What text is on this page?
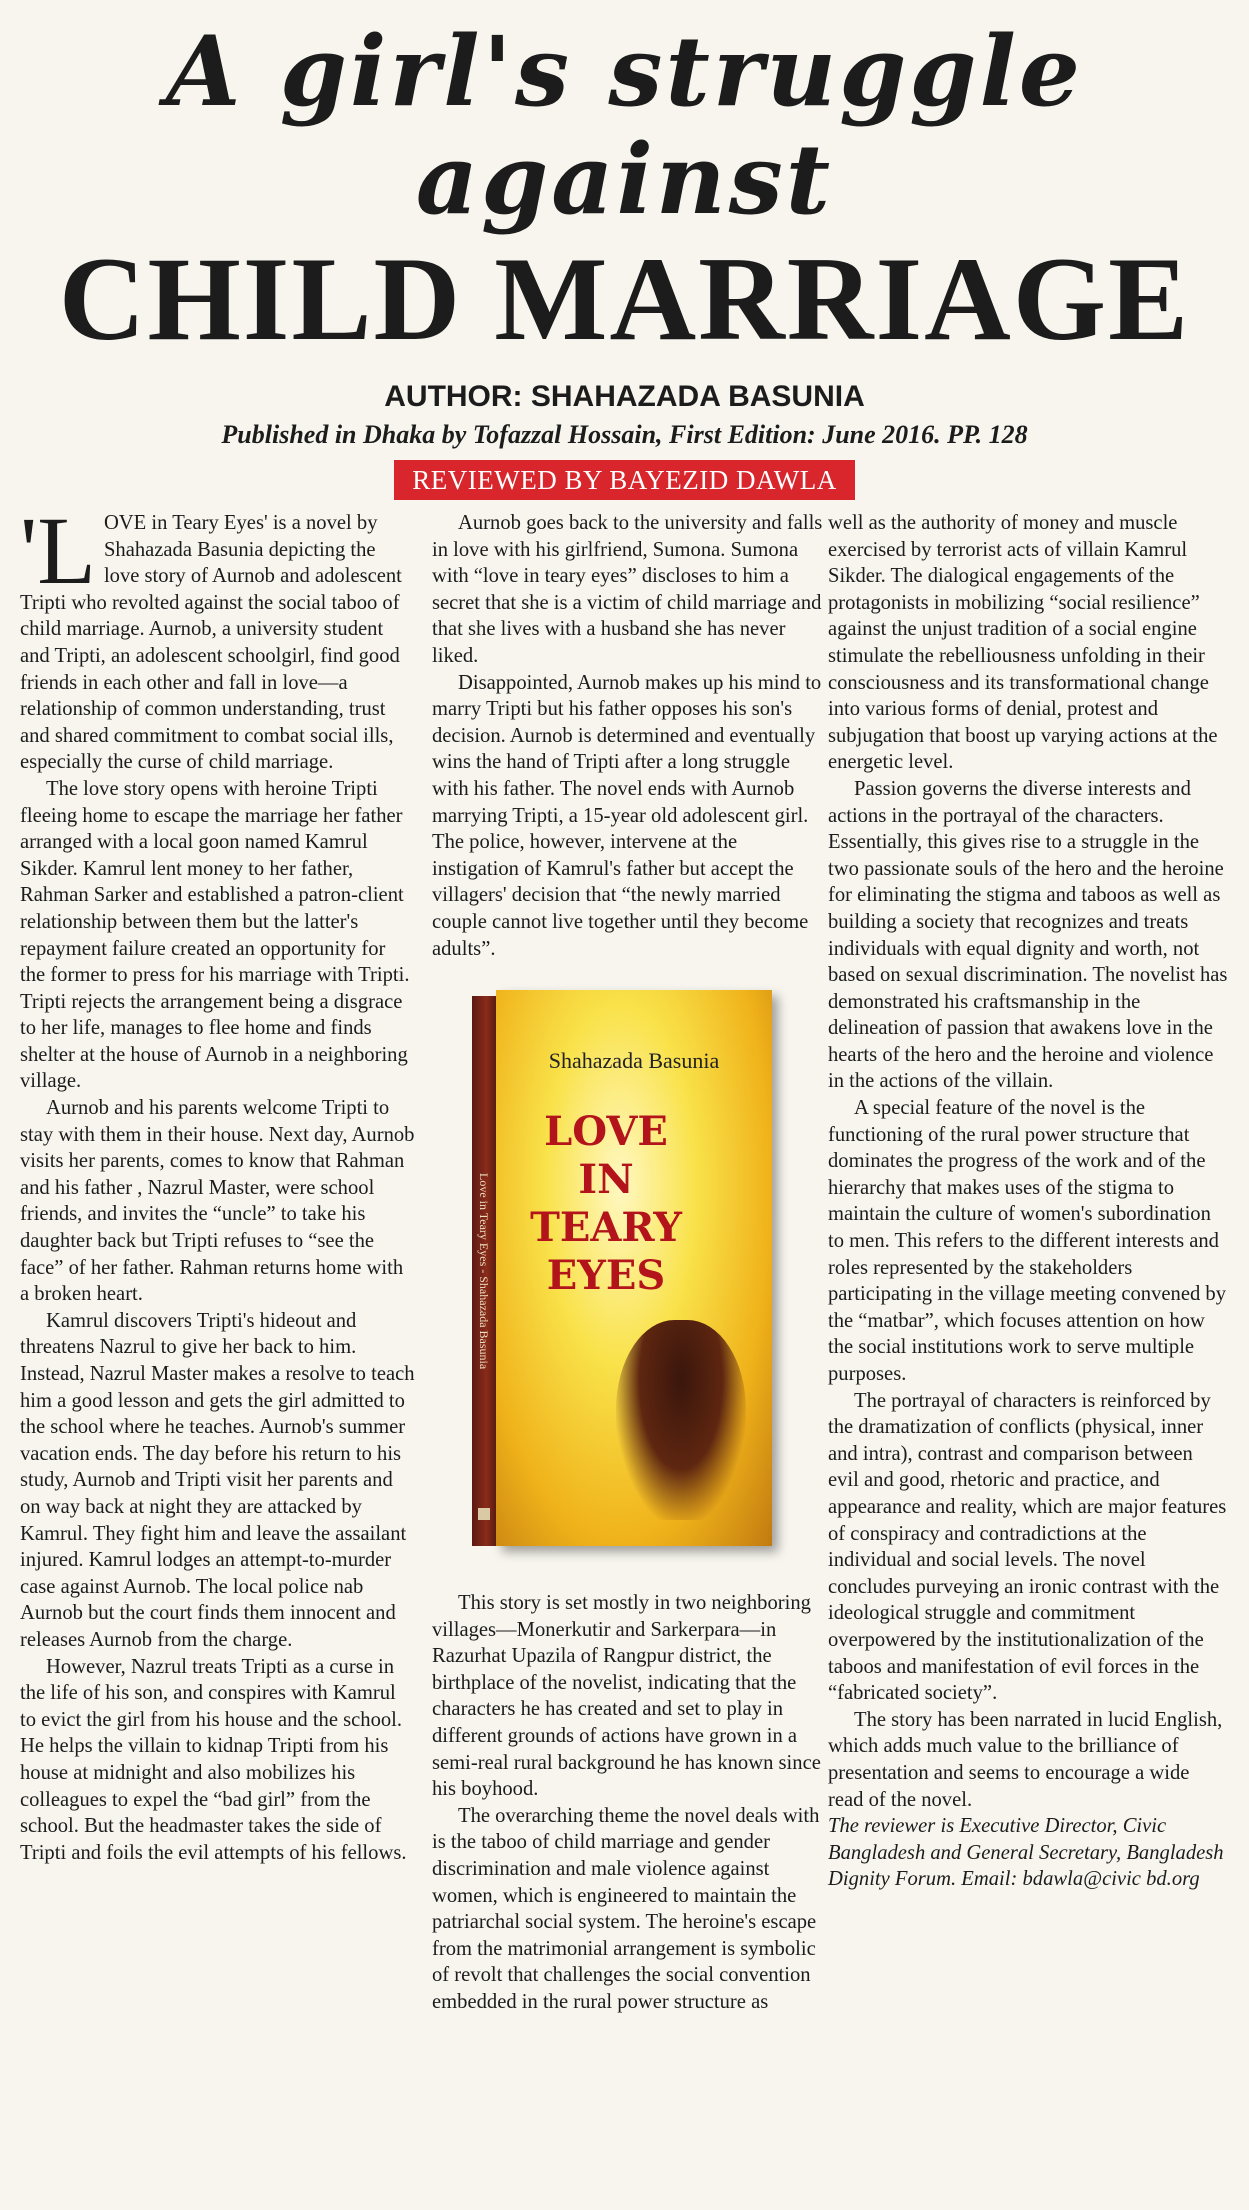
A girl's struggle against
CHILD MARRIAGE
AUTHOR: SHAHAZADA BASUNIA
Published in Dhaka by Tofazzal Hossain, First Edition: June 2016. PP. 128
REVIEWED BY BAYEZID DAWLA

'LOVE in Teary Eyes' is a novel by Shahazada Basunia depicting the love story of Aurnob and adolescent Tripti who revolted against the social taboo of child marriage. Aurnob, a university student and Tripti, an adolescent schoolgirl, find good friends in each other and fall in love—a relationship of common understanding, trust and shared commitment to combat social ills, especially the curse of child marriage.

The love story opens with heroine Tripti fleeing home to escape the marriage her father arranged with a local goon named Kamrul Sikder. Kamrul lent money to her father, Rahman Sarker and established a patron-client relationship between them but the latter's repayment failure created an opportunity for the former to press for his marriage with Tripti. Tripti rejects the arrangement being a disgrace to her life, manages to flee home and finds shelter at the house of Aurnob in a neighboring village.

Aurnob and his parents welcome Tripti to stay with them in their house. Next day, Aurnob visits her parents, comes to know that Rahman and his father , Nazrul Master, were school friends, and invites the “uncle” to take his daughter back but Tripti refuses to “see the face” of her father. Rahman returns home with a broken heart.

Kamrul discovers Tripti's hideout and threatens Nazrul to give her back to him. Instead, Nazrul Master makes a resolve to teach him a good lesson and gets the girl admitted to the school where he teaches. Aurnob's summer vacation ends. The day before his return to his study, Aurnob and Tripti visit her parents and on way back at night they are attacked by Kamrul. They fight him and leave the assailant injured. Kamrul lodges an attempt-to-murder case against Aurnob. The local police nab Aurnob but the court finds them innocent and releases Aurnob from the charge.

However, Nazrul treats Tripti as a curse in the life of his son, and conspires with Kamrul to evict the girl from his house and the school. He helps the villain to kidnap Tripti from his house at midnight and also mobilizes his colleagues to expel the “bad girl” from the school. But the headmaster takes the side of Tripti and foils the evil attempts of his fellows.

Aurnob goes back to the university and falls in love with his girlfriend, Sumona. Sumona with “love in teary eyes” discloses to him a secret that she is a victim of child marriage and that she lives with a husband she has never liked.

Disappointed, Aurnob makes up his mind to marry Tripti but his father opposes his son's decision. Aurnob is determined and eventually wins the hand of Tripti after a long struggle with his father. The novel ends with Aurnob marrying Tripti, a 15-year old adolescent girl. The police, however, intervene at the instigation of Kamrul's father but accept the villagers' decision that “the newly married couple cannot live together until they become adults”.

Love in Teary Eyes - Shahazada Basunia
Shahazada Basunia
LOVE
IN
TEARY
EYES

This story is set mostly in two neighboring villages—Monerkutir and Sarkerpara—in Razurhat Upazila of Rangpur district, the birthplace of the novelist, indicating that the characters he has created and set to play in different grounds of actions have grown in a semi-real rural background he has known since his boyhood.

The overarching theme the novel deals with is the taboo of child marriage and gender discrimination and male violence against women, which is engineered to maintain the patriarchal social system. The heroine's escape from the matrimonial arrangement is symbolic of revolt that challenges the social convention embedded in the rural power structure as

well as the authority of money and muscle exercised by terrorist acts of villain Kamrul Sikder. The dialogical engagements of the protagonists in mobilizing “social resilience” against the unjust tradition of a social engine stimulate the rebelliousness unfolding in their consciousness and its transformational change into various forms of denial, protest and subjugation that boost up varying actions at the energetic level.

Passion governs the diverse interests and actions in the portrayal of the characters. Essentially, this gives rise to a struggle in the two passionate souls of the hero and the heroine for eliminating the stigma and taboos as well as building a society that recognizes and treats individuals with equal dignity and worth, not based on sexual discrimination. The novelist has demonstrated his craftsmanship in the delineation of passion that awakens love in the hearts of the hero and the heroine and violence in the actions of the villain.

A special feature of the novel is the functioning of the rural power structure that dominates the progress of the work and of the hierarchy that makes uses of the stigma to maintain the culture of women's subordination to men. This refers to the different interests and roles represented by the stakeholders participating in the village meeting convened by the “matbar”, which focuses attention on how the social institutions work to serve multiple purposes.

The portrayal of characters is reinforced by the dramatization of conflicts (physical, inner and intra), contrast and comparison between evil and good, rhetoric and practice, and appearance and reality, which are major features of conspiracy and contradictions at the individual and social levels. The novel concludes purveying an ironic contrast with the ideological struggle and commitment overpowered by the institutionalization of the taboos and manifestation of evil forces in the “fabricated society”.

The story has been narrated in lucid English, which adds much value to the brilliance of presentation and seems to encourage a wide read of the novel.

The reviewer is Executive Director, Civic Bangladesh and General Secretary, Bangladesh Dignity Forum. Email: bdawla@civic bd.org
